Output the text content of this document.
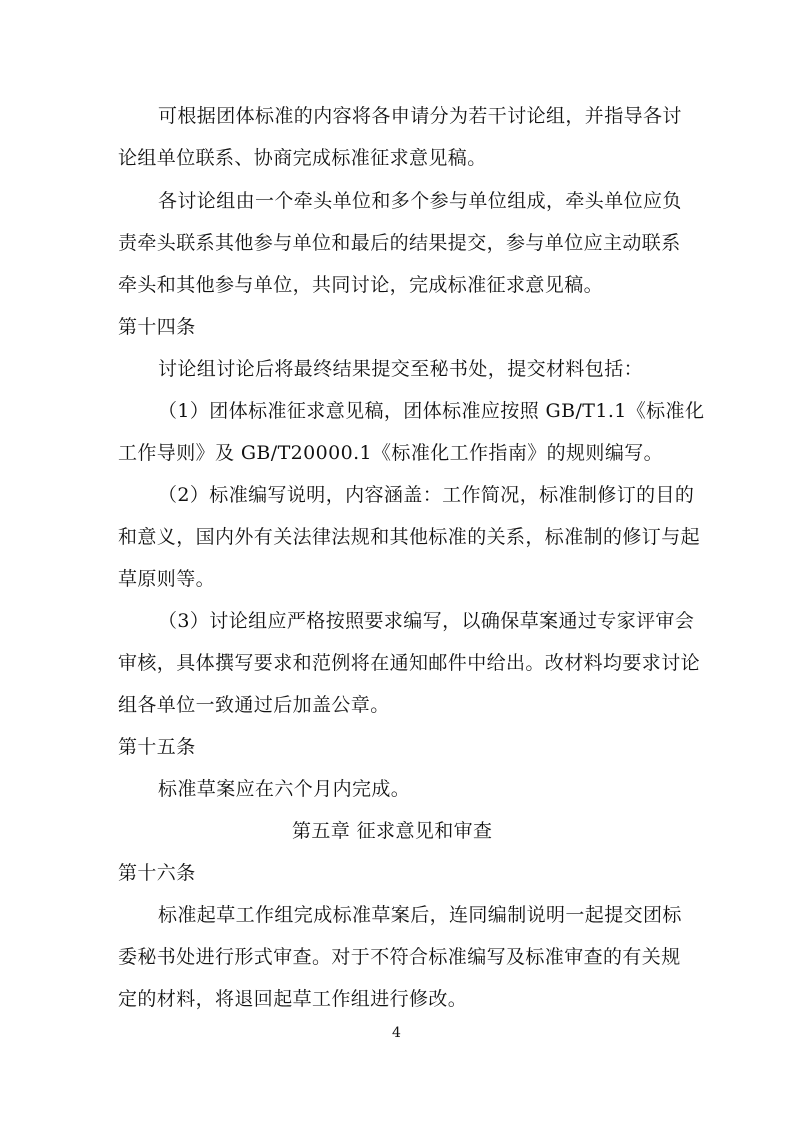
可根据团体标准的内容将各申请分为若干讨论组，并指导各讨
论组单位联系、协商完成标准征求意见稿。
各讨论组由一个牵头单位和多个参与单位组成，牵头单位应负
责牵头联系其他参与单位和最后的结果提交，参与单位应主动联系
牵头和其他参与单位，共同讨论，完成标准征求意见稿。
第十四条
讨论组讨论后将最终结果提交至秘书处，提交材料包括：
（1）团体标准征求意见稿，团体标准应按照 GB/T1.1《标准化
工作导则》及 GB/T20000.1《标准化工作指南》的规则编写。
（2）标准编写说明，内容涵盖：工作简况，标准制修订的目的
和意义，国内外有关法律法规和其他标准的关系，标准制的修订与起
草原则等。
（3）讨论组应严格按照要求编写，以确保草案通过专家评审会
审核，具体撰写要求和范例将在通知邮件中给出。改材料均要求讨论
组各单位一致通过后加盖公章。
第十五条
标准草案应在六个月内完成。
第五章 征求意见和审查
第十六条
标准起草工作组完成标准草案后，连同编制说明一起提交团标
委秘书处进行形式审查。对于不符合标准编写及标准审查的有关规
定的材料，将退回起草工作组进行修改。
4
